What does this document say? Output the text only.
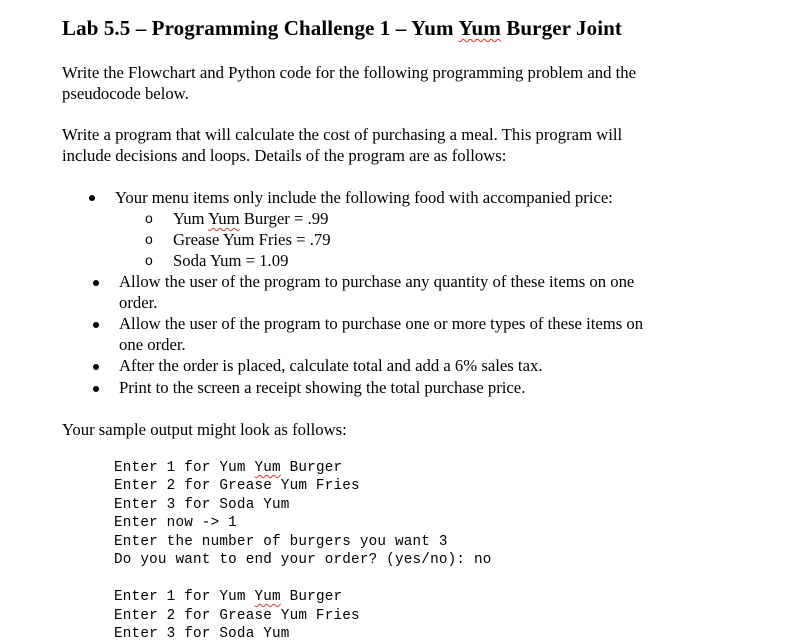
Lab 5.5 – Programming Challenge 1 – Yum Yum Burger Joint
Write the Flowchart and Python code for the following programming problem and the
pseudocode below.
Write a program that will calculate the cost of purchasing a meal. This program will
include decisions and loops. Details of the program are as follows:
Your menu items only include the following food with accompanied price:
o Yum Yum Burger = .99
o Grease Yum Fries = .79
o Soda Yum = 1.09
Allow the user of the program to purchase any quantity of these items on one
order.
Allow the user of the program to purchase one or more types of these items on
one order.
After the order is placed, calculate total and add a 6% sales tax.
Print to the screen a receipt showing the total purchase price.
Your sample output might look as follows:
Enter 1 for Yum Yum Burger
Enter 2 for Grease Yum Fries
Enter 3 for Soda Yum
Enter now -> 1
Enter the number of burgers you want 3
Do you want to end your order? (yes/no): no
Enter 1 for Yum Yum Burger
Enter 2 for Grease Yum Fries
Enter 3 for Soda Yum
